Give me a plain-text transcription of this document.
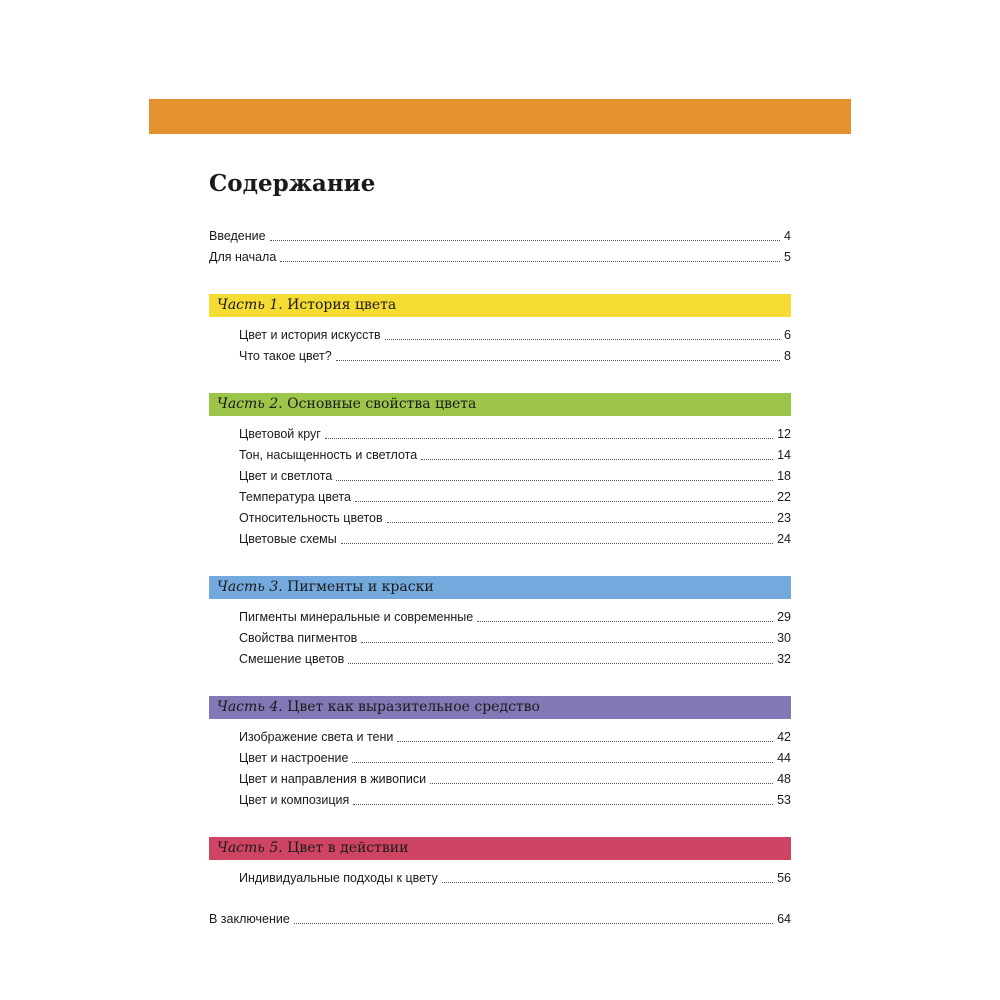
Содержание
Введение	4
Для начала	5
Часть 1. История цвета
Цвет и история искусств	6
Что такое цвет?	8
Часть 2. Основные свойства цвета
Цветовой круг	12
Тон, насыщенность и светлота	14
Цвет и светлота	18
Температура цвета	22
Относительность цветов	23
Цветовые схемы	24
Часть 3. Пигменты и краски
Пигменты минеральные и современные	29
Свойства пигментов	30
Смешение цветов	32
Часть 4. Цвет как выразительное средство
Изображение света и тени	42
Цвет и настроение	44
Цвет и направления в живописи	48
Цвет и композиция	53
Часть 5. Цвет в действии
Индивидуальные подходы к цвету	56
В заключение	64
